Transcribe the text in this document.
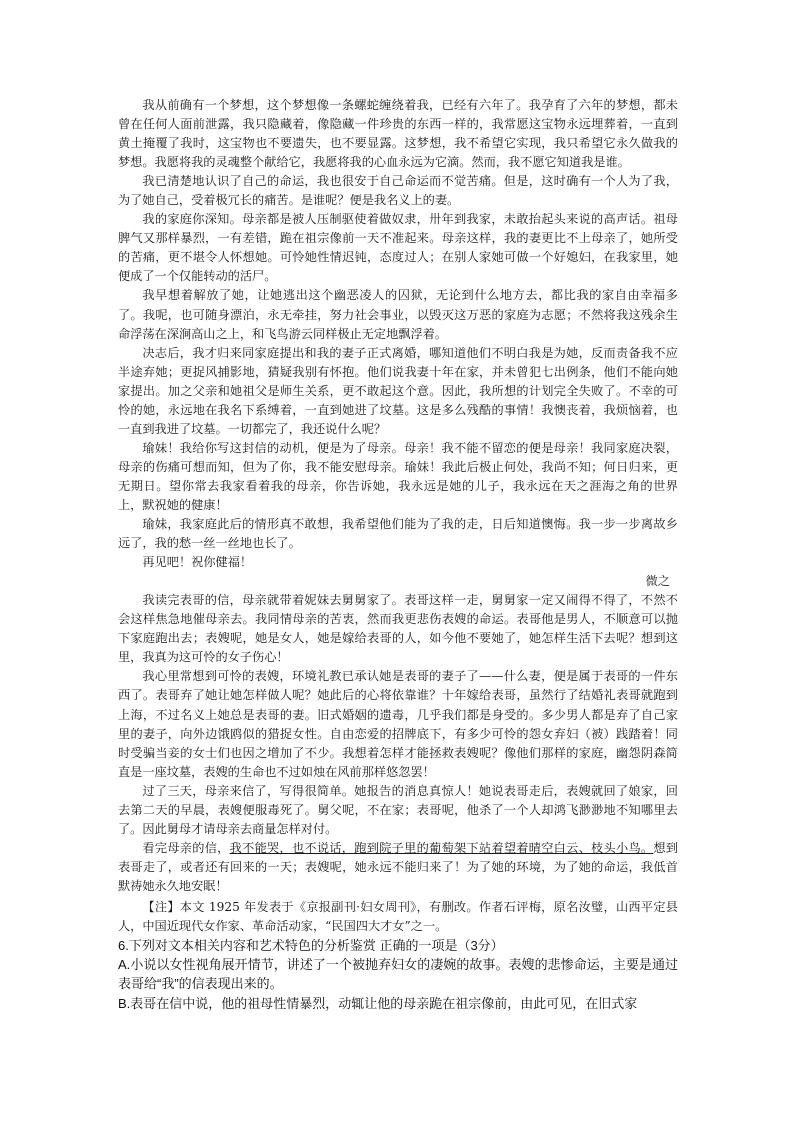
我从前确有一个梦想，这个梦想像一条螺蛇缠绕着我，已经有六年了。我孕育了六年的梦想，都未曾在任何人面前泄露，我只隐藏着，像隐藏一件珍贵的东西一样的，我常愿这宝物永远埋葬着，一直到黄土掩覆了我时，这宝物也不要遗失，也不要显露。这梦想，我不希望它实现，我只希望它永久做我的梦想。我愿将我的灵魂整个献给它，我愿将我的心血永远为它滴。然而，我不愿它知道我是谁。

我已清楚地认识了自己的命运，我也很安于自己命运而不觉苦痛。但是，这时确有一个人为了我，为了她自己，受着极冗长的痛苦。是谁呢？便是我名义上的妻。

我的家庭你深知。母亲都是被人压制驱使着做奴隶，卅年到我家，未敢抬起头来说的高声话。祖母脾气又那样暴烈，一有差错，跪在祖宗像前一天不准起来。母亲这样，我的妻更比不上母亲了，她所受的苦痛，更不堪令人怀想她。可怜她性情迟钝，态度过人；在别人家她可做一个好媳妇，在我家里，她便成了一个仅能转动的活尸。

我早想着解放了她，让她逃出这个幽恶凌人的囚狱，无论到什么地方去，都比我的家自由幸福多了。我呢，也可随身漂泊，永无牵挂，努力社会事业，以毁灭这万恶的家庭为志愿；不然将我这残余生命浮荡在深涧高山之上，和飞鸟游云同样极止无定地飘浮着。

决志后，我才归来同家庭提出和我的妻子正式离婚，哪知道他们不明白我是为她，反而责备我不应半途弃她；更捉风捕影地，猜疑我别有怀抱。他们说我妻十年在家，并未曾犯七出例条，他们不能向她家提出。加之父亲和她祖父是师生关系，更不敢起这个意。因此，我所想的计划完全失败了。不幸的可怜的她，永远地在我名下系缚着，一直到她进了坟墓。这是多么残酷的事情！我懊丧着，我烦恼着，也一直到我进了坟墓。一切都完了，我还说什么呢？

瑜妹！我给你写这封信的动机，便是为了母亲。母亲！我不能不留恋的便是母亲！我同家庭决裂，母亲的伤痛可想而知，但为了你，我不能安慰母亲。瑜妹！我此后极止何处，我尚不知；何日归来，更无期日。望你常去我家看着我的母亲，你告诉她，我永远是她的儿子，我永远在天之涯海之角的世界上，默祝她的健康！

瑜妹，我家庭此后的情形真不敢想，我希望他们能为了我的走，日后知道懊悔。我一步一步离故乡远了，我的愁一丝一丝地也长了。

再见吧！祝你健福！

微之

我读完表哥的信，母亲就带着妮妹去舅舅家了。表哥这样一走，舅舅家一定又闹得不得了，不然不会这样焦急地催母亲去。我同情母亲的苦衷，然而我更悲伤表嫂的命运。表哥他是男人，不顺意可以抛下家庭跑出去；表嫂呢，她是女人，她是嫁给表哥的人，如今他不要她了，她怎样生活下去呢？想到这里，我真为这可怜的女子伤心！

我心里常想到可怜的表嫂，环境礼教已承认她是表哥的妻子了——什么妻，便是属于表哥的一件东西了。表哥弃了她让她怎样做人呢？她此后的心将依靠谁？十年嫁给表哥，虽然行了结婚礼表哥就跑到上海，不过名义上她总是表哥的妻。旧式婚姻的遗毒，几乎我们都是身受的。多少男人都是弃了自己家里的妻子，向外边饿鸥似的猎捉女性。自由恋爱的招牌底下，有多少可怜的怨女弃妇（被）践踏着！同时受骗当妾的女士们也因之增加了不少。我想着怎样才能拯救表嫂呢？像他们那样的家庭，幽怨阴森简直是一座坟墓，表嫂的生命也不过如烛在风前那样悠忽罢！

过了三天，母亲来信了，写得很简单。她报告的消息真惊人！她说表哥走后，表嫂就回了娘家，回去第二天的早晨，表嫂便服毒死了。舅父呢，不在家；表哥呢，他杀了一个人却鸿飞渺渺地不知哪里去了。因此舅母才请母亲去商量怎样对付。

看完母亲的信，我不能哭，也不说话，跑到院子里的葡萄架下站着望着晴空白云、枝头小鸟。想到表哥走了，或者还有回来的一天；表嫂呢，她永远不能归来了！为了她的环境，为了她的命运，我低首默祷她永久地安眠！

【注】本文 1925 年发表于《京报副刊·妇女周刊》，有删改。作者石评梅，原名汝璧，山西平定县人，中国近现代女作家、革命活动家，“民国四大才女”之一。

6.下列对文本相关内容和艺术特色的分析鉴赏 正确的一项是（3分）

A.小说以女性视角展开情节，讲述了一个被抛弃妇女的凄婉的故事。表嫂的悲惨命运，主要是通过表哥给“我”的信表现出来的。

B.表哥在信中说，他的祖母性情暴烈，动辄让他的母亲跪在祖宗像前，由此可见，在旧式家
